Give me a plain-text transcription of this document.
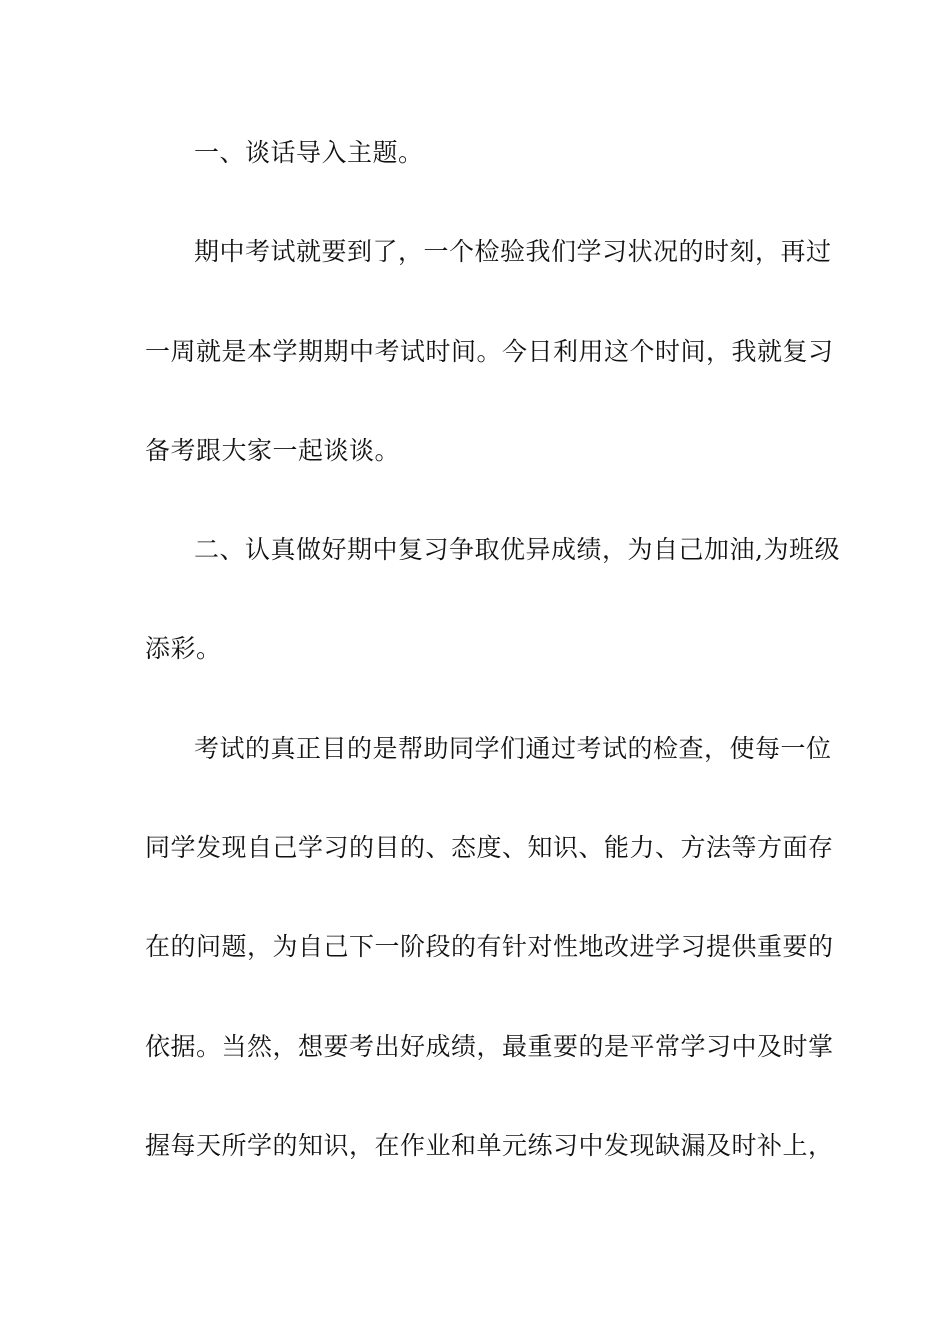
一、谈话导入主题。
期中考试就要到了，一个检验我们学习状况的时刻，再过
一周就是本学期期中考试时间。今日利用这个时间，我就复习
备考跟大家一起谈谈。
二、认真做好期中复习争取优异成绩，为自己加油,为班级
添彩。
考试的真正目的是帮助同学们通过考试的检查，使每一位
同学发现自己学习的目的、态度、知识、能力、方法等方面存
在的问题，为自己下一阶段的有针对性地改进学习提供重要的
依据。当然，想要考出好成绩，最重要的是平常学习中及时掌
握每天所学的知识，在作业和单元练习中发现缺漏及时补上，
